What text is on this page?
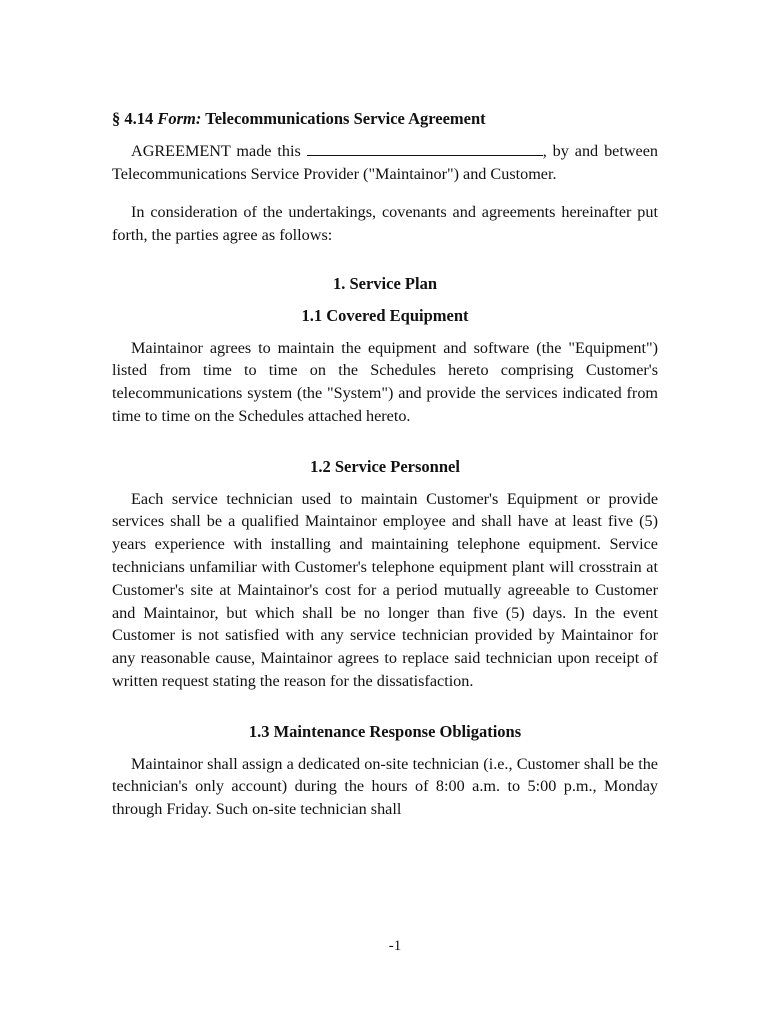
§ 4.14 Form: Telecommunications Service Agreement

AGREEMENT made this	, by and between Telecommunications Service Provider ("Maintainor") and Customer.

In consideration of the undertakings, covenants and agreements hereinafter put forth, the parties agree as follows:

1. Service Plan
1.1 Covered Equipment

Maintainor agrees to maintain the equipment and software (the "Equipment") listed from time to time on the Schedules hereto comprising Customer's telecommunications system (the "System") and provide the services indicated from time to time on the Schedules attached hereto.

1.2 Service Personnel

Each service technician used to maintain Customer's Equipment or provide services shall be a qualified Maintainor employee and shall have at least five (5) years experience with installing and maintaining telephone equipment. Service technicians unfamiliar with Customer's telephone equipment plant will crosstrain at Customer's site at Maintainor's cost for a period mutually agreeable to Customer and Maintainor, but which shall be no longer than five (5) days. In the event Customer is not satisfied with any service technician provided by Maintainor for any reasonable cause, Maintainor agrees to replace said technician upon receipt of written request stating the reason for the dissatisfaction.

1.3 Maintenance Response Obligations

Maintainor shall assign a dedicated on-site technician (i.e., Customer shall be the technician's only account) during the hours of 8:00 a.m. to 5:00 p.m., Monday through Friday. Such on-site technician shall

-1
